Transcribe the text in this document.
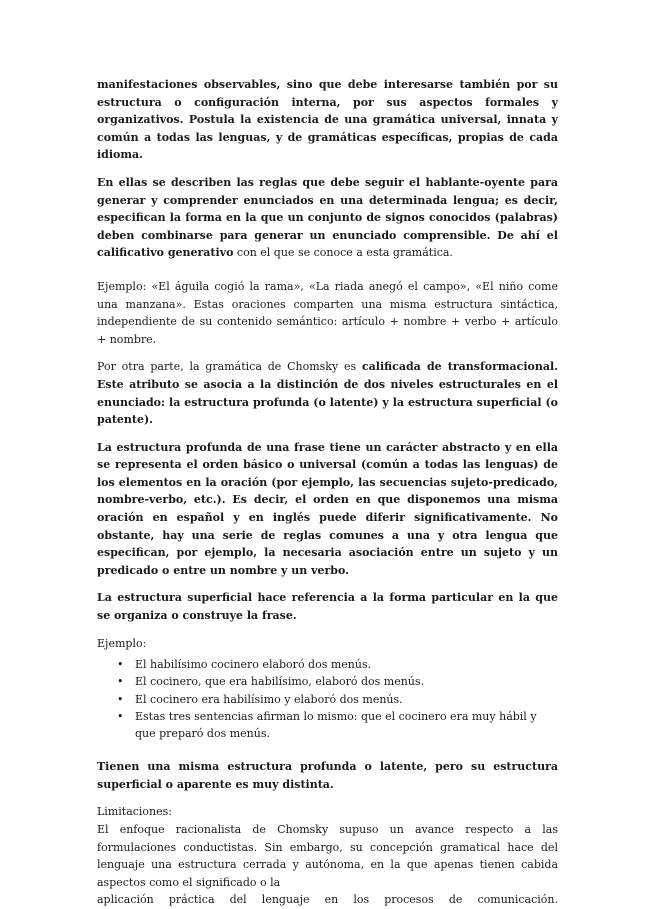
manifestaciones observables, sino que debe interesarse también por su estructura o configuración interna, por sus aspectos formales y organizativos. Postula la existencia de una gramática universal, innata y común a todas las lenguas, y de gramáticas específicas, propias de cada idioma.

En ellas se describen las reglas que debe seguir el hablante-oyente para generar y comprender enunciados en una determinada lengua; es decir, especifican la forma en la que un conjunto de signos conocidos (palabras) deben combinarse para generar un enunciado comprensible. De ahí el calificativo generativo con el que se conoce a esta gramática.

Ejemplo: «El águila cogió la rama», «La riada anegó el campo», «El niño come una manzana». Estas oraciones comparten una misma estructura sintáctica, independiente de su contenido semántico: artículo + nombre + verbo + artículo + nombre.

Por otra parte, la gramática de Chomsky es calificada de transformacional. Este atributo se asocia a la distinción de dos niveles estructurales en el enunciado: la estructura profunda (o latente) y la estructura superficial (o patente).

La estructura profunda de una frase tiene un carácter abstracto y en ella se representa el orden básico o universal (común a todas las lenguas) de los elementos en la oración (por ejemplo, las secuencias sujeto-predicado, nombre-verbo, etc.). Es decir, el orden en que disponemos una misma oración en español y en inglés puede diferir significativamente. No obstante, hay una serie de reglas comunes a una y otra lengua que especifican, por ejemplo, la necesaria asociación entre un sujeto y un predicado o entre un nombre y un verbo.

La estructura superficial hace referencia a la forma particular en la que se organiza o construye la frase.

Ejemplo:

• El habilísimo cocinero elaboró dos menús.
• El cocinero, que era habilísimo, elaboró dos menús.
• El cocinero era habilísimo y elaboró dos menús.
• Estas tres sentencias afirman lo mismo: que el cocinero era muy hábil y que preparó dos menús.

Tienen una misma estructura profunda o latente, pero su estructura superficial o aparente es muy distinta.

Limitaciones:

El enfoque racionalista de Chomsky supuso un avance respecto a las formulaciones conductistas. Sin embargo, su concepción gramatical hace del lenguaje una estructura cerrada y autónoma, en la que apenas tienen cabida aspectos como el significado o la

aplicación práctica del lenguaje en los procesos de comunicación.
